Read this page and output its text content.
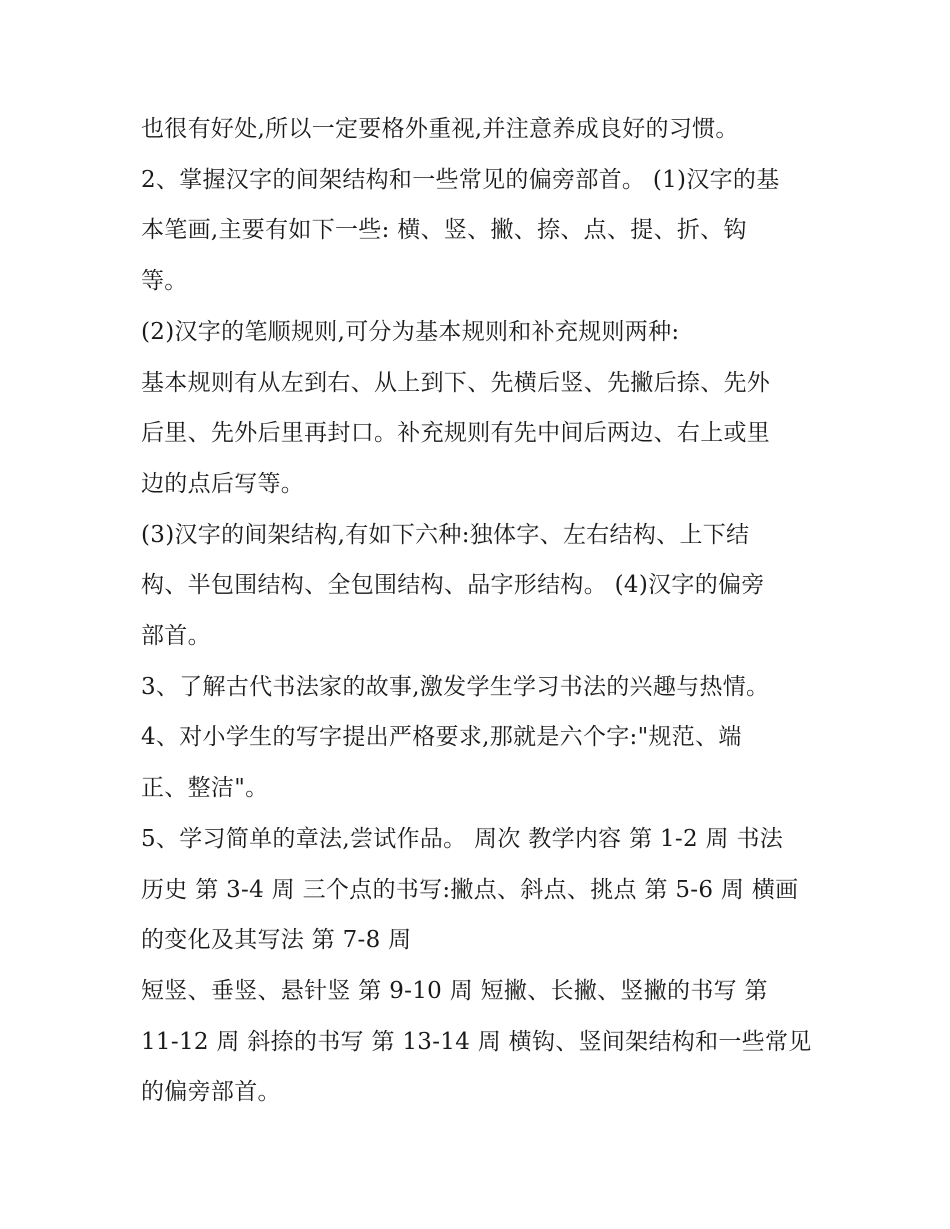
也很有好处,所以一定要格外重视,并注意养成良好的习惯。

2、掌握汉字的间架结构和一些常见的偏旁部首。 (1)汉字的基

本笔画,主要有如下一些: 横、竖、撇、捺、点、提、折、钩

等。

(2)汉字的笔顺规则,可分为基本规则和补充规则两种:

基本规则有从左到右、从上到下、先横后竖、先撇后捺、先外

后里、先外后里再封口。补充规则有先中间后两边、右上或里

边的点后写等。

(3)汉字的间架结构,有如下六种:独体字、左右结构、上下结

构、半包围结构、全包围结构、品字形结构。 (4)汉字的偏旁

部首。

3、了解古代书法家的故事,激发学生学习书法的兴趣与热情。

4、对小学生的写字提出严格要求,那就是六个字:"规范、端

正、整洁"。

5、学习简单的章法,尝试作品。 周次 教学内容 第 1-2 周 书法

历史 第 3-4 周 三个点的书写:撇点、斜点、挑点 第 5-6 周 横画

的变化及其写法 第 7-8 周

短竖、垂竖、悬针竖 第 9-10 周 短撇、长撇、竖撇的书写 第

11-12 周 斜捺的书写 第 13-14 周 横钩、竖间架结构和一些常见

的偏旁部首。
